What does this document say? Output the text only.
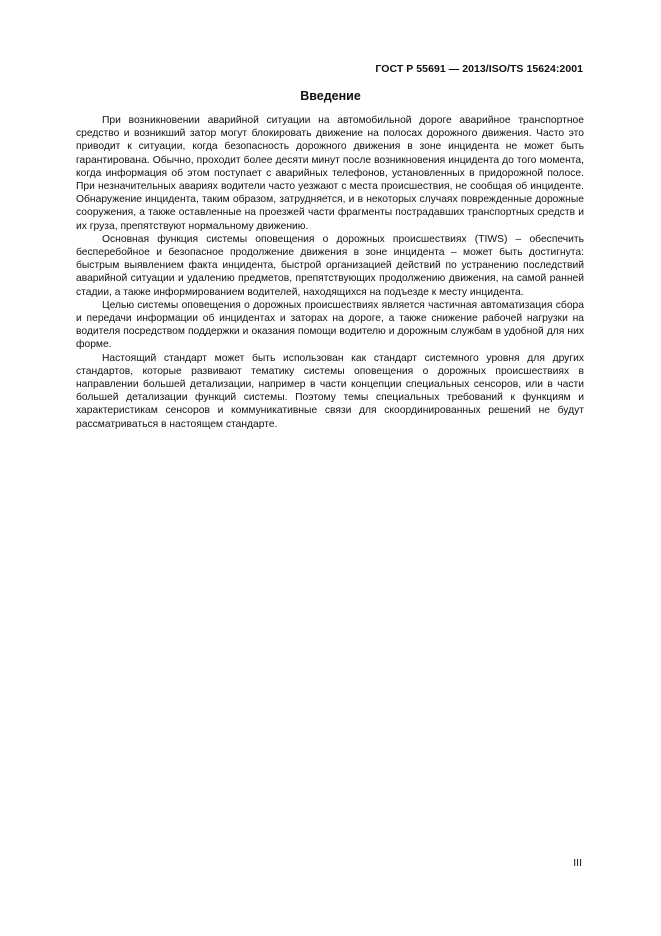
ГОСТ Р 55691 — 2013/ISO/TS 15624:2001
Введение

При возникновении аварийной ситуации на автомобильной дороге аварийное транспортное средство и возникший затор могут блокировать движение на полосах дорожного движения. Часто это приводит к ситуации, когда безопасность дорожного движения в зоне инцидента не может быть гарантирована. Обычно, проходит более десяти минут после возникновения инцидента до того момента, когда информация об этом поступает с аварийных телефонов, установленных в придорожной полосе. При незначительных авариях водители часто уезжают с места происшествия, не сообщая об инциденте. Обнаружение инцидента, таким образом, затрудняется, и в некоторых случаях поврежденные дорожные сооружения, а также оставленные на проезжей части фрагменты пострадавших транспортных средств и их груза, препятствуют нормальному движению.

Основная функция системы оповещения о дорожных происшествиях (TIWS) – обеспечить бесперебойное и безопасное продолжение движения в зоне инцидента – может быть достигнута: быстрым выявлением факта инцидента, быстрой организацией действий по устранению последствий аварийной ситуации и удалению предметов, препятствующих продолжению движения, на самой ранней стадии, а также информированием водителей, находящихся на подъезде к месту инцидента.

Целью системы оповещения о дорожных происшествиях является частичная автоматизация сбора и передачи информации об инцидентах и заторах на дороге, а также снижение рабочей нагрузки на водителя посредством поддержки и оказания помощи водителю и дорожным службам в удобной для них форме.

Настоящий стандарт может быть использован как стандарт системного уровня для других стандартов, которые развивают тематику системы оповещения о дорожных происшествиях в направлении большей детализации, например в части концепции специальных сенсоров, или в части большей детализации функций системы. Поэтому темы специальных требований к функциям и характеристикам сенсоров и коммуникативные связи для скоординированных решений не будут рассматриваться в настоящем стандарте.

III
